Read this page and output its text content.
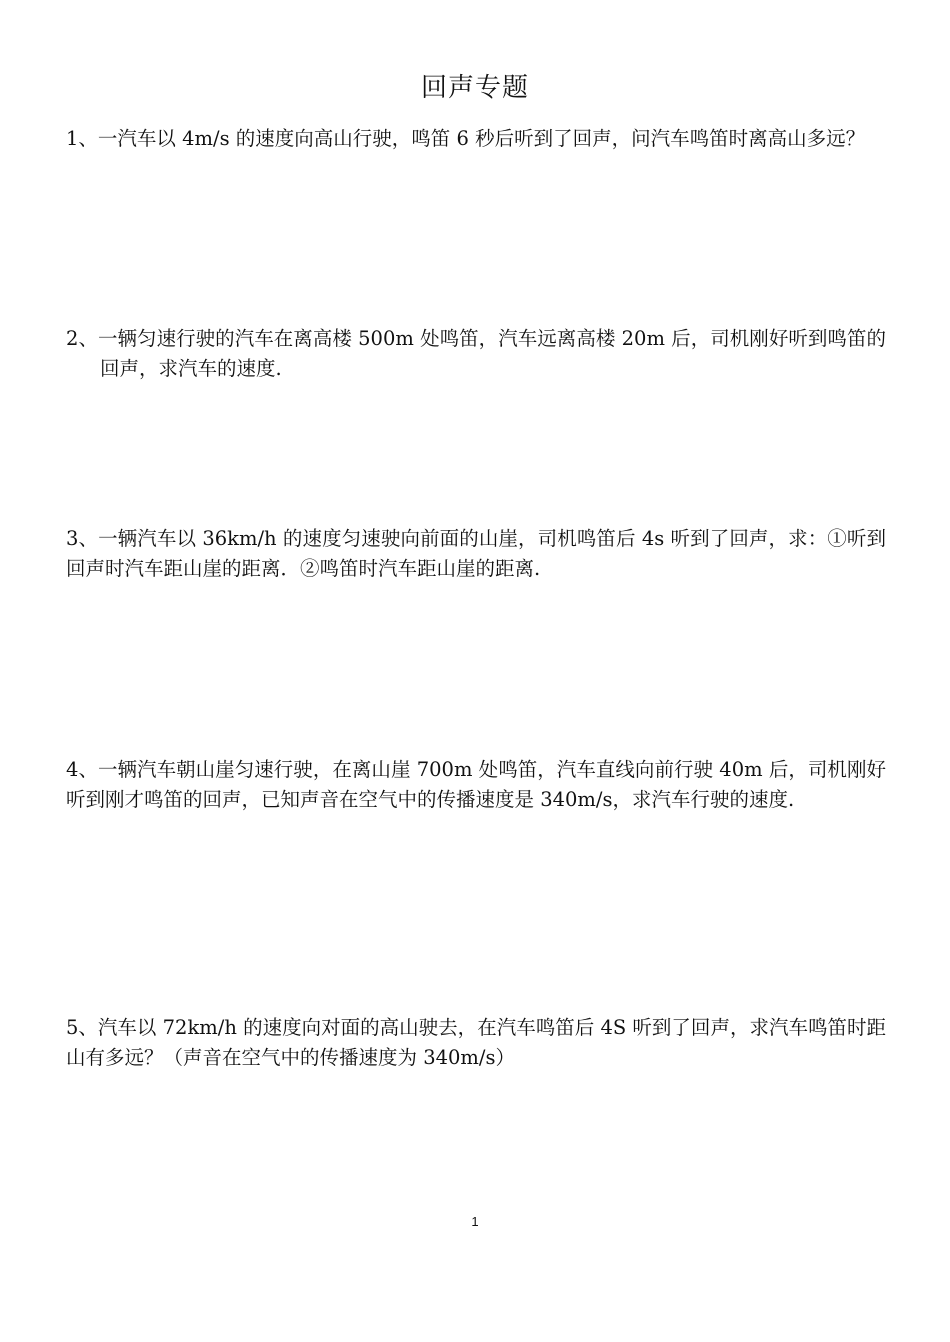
回声专题
1、一汽车以 4m/s 的速度向高山行驶，鸣笛 6 秒后听到了回声，问汽车鸣笛时离高山多远？
2、一辆匀速行驶的汽车在离高楼 500m 处鸣笛，汽车远离高楼 20m 后，司机刚好听到鸣笛的回声，求汽车的速度.
3、一辆汽车以 36km/h 的速度匀速驶向前面的山崖，司机鸣笛后 4s 听到了回声，求：①听到回声时汽车距山崖的距离．②鸣笛时汽车距山崖的距离.
4、一辆汽车朝山崖匀速行驶，在离山崖 700m 处鸣笛，汽车直线向前行驶 40m 后，司机刚好听到刚才鸣笛的回声，已知声音在空气中的传播速度是 340m/s，求汽车行驶的速度.
5、汽车以 72km/h 的速度向对面的高山驶去，在汽车鸣笛后 4S 听到了回声，求汽车鸣笛时距山有多远？（声音在空气中的传播速度为 340m/s）
1
